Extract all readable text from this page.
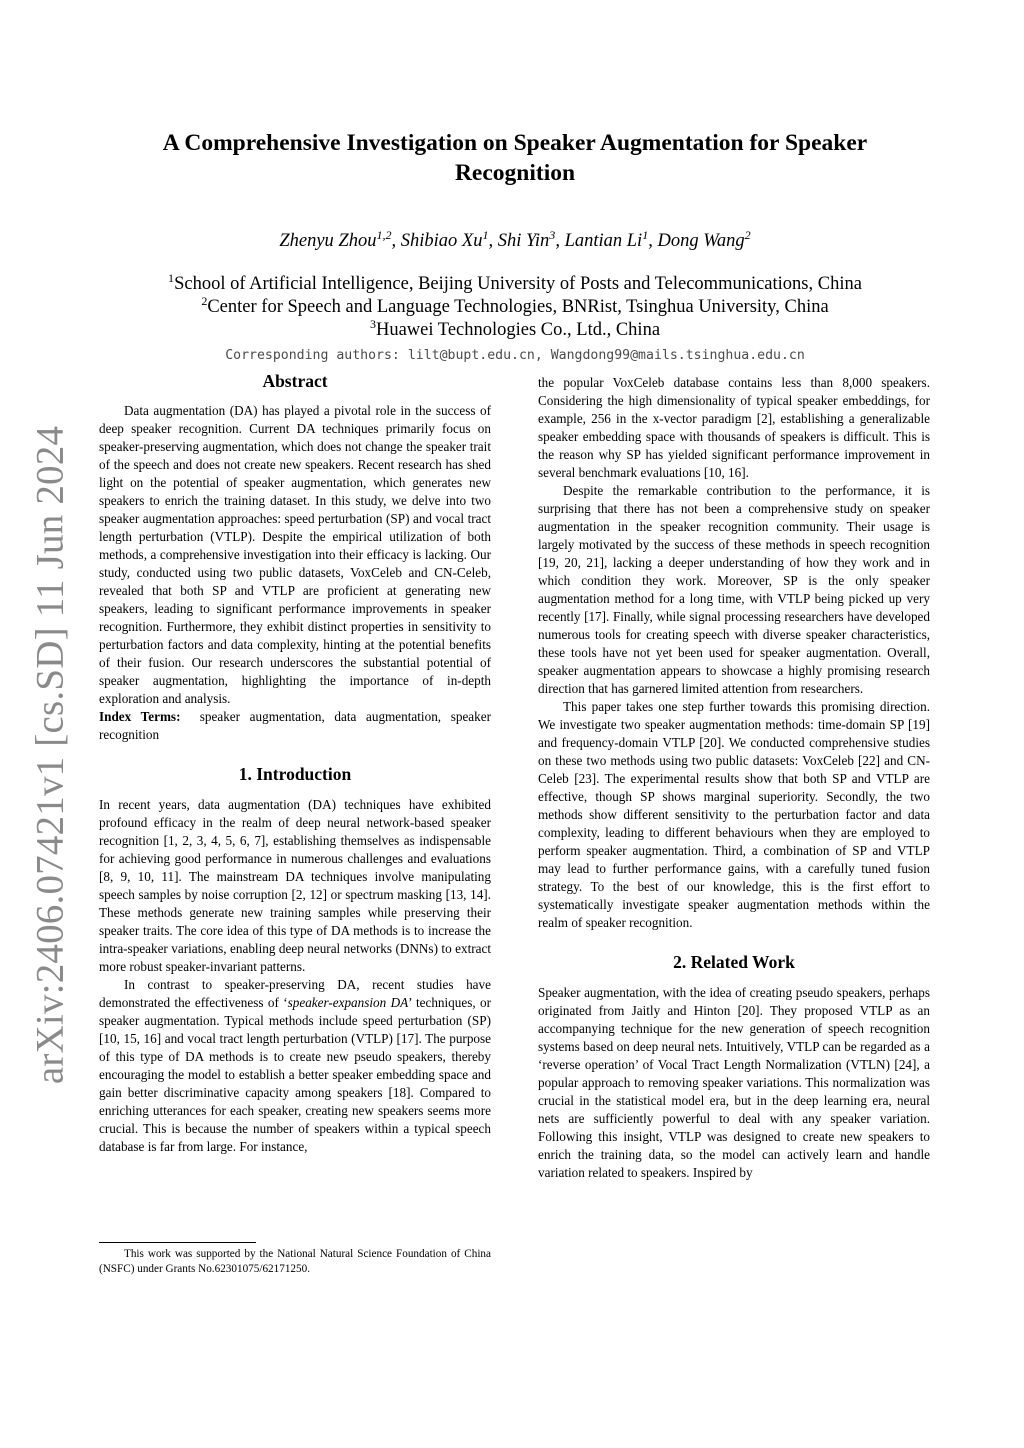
arXiv:2406.07421v1 [cs.SD] 11 Jun 2024
A Comprehensive Investigation on Speaker Augmentation for Speaker Recognition
Zhenyu Zhou$^{1,2}$, Shibiao Xu$^1$, Shi Yin$^3$, Lantian Li$^1$, Dong Wang$^2$
$^1$School of Artificial Intelligence, Beijing University of Posts and Telecommunications, China
$^2$Center for Speech and Language Technologies, BNRist, Tsinghua University, China
$^3$Huawei Technologies Co., Ltd., China
Corresponding authors: lilt@bupt.edu.cn, Wangdong99@mails.tsinghua.edu.cn
Abstract

Data augmentation (DA) has played a pivotal role in the success of deep speaker recognition. Current DA techniques primarily focus on speaker-preserving augmentation, which does not change the speaker trait of the speech and does not create new speakers. Recent research has shed light on the potential of speaker augmentation, which generates new speakers to enrich the training dataset. In this study, we delve into two speaker augmentation approaches: speed perturbation (SP) and vocal tract length perturbation (VTLP). Despite the empirical utilization of both methods, a comprehensive investigation into their efficacy is lacking. Our study, conducted using two public datasets, VoxCeleb and CN-Celeb, revealed that both SP and VTLP are proficient at generating new speakers, leading to significant performance improvements in speaker recognition. Furthermore, they exhibit distinct properties in sensitivity to perturbation factors and data complexity, hinting at the potential benefits of their fusion. Our research underscores the substantial potential of speaker augmentation, highlighting the importance of in-depth exploration and analysis.

Index Terms: speaker augmentation, data augmentation, speaker recognition

1. Introduction

In recent years, data augmentation (DA) techniques have exhibited profound efficacy in the realm of deep neural network-based speaker recognition [1, 2, 3, 4, 5, 6, 7], establishing themselves as indispensable for achieving good performance in numerous challenges and evaluations [8, 9, 10, 11]. The mainstream DA techniques involve manipulating speech samples by noise corruption [2, 12] or spectrum masking [13, 14]. These methods generate new training samples while preserving their speaker traits. The core idea of this type of DA methods is to increase the intra-speaker variations, enabling deep neural networks (DNNs) to extract more robust speaker-invariant patterns.

In contrast to speaker-preserving DA, recent studies have demonstrated the effectiveness of ‘speaker-expansion DA’ techniques, or speaker augmentation. Typical methods include speed perturbation (SP) [10, 15, 16] and vocal tract length perturbation (VTLP) [17]. The purpose of this type of DA methods is to create new pseudo speakers, thereby encouraging the model to establish a better speaker embedding space and gain better discriminative capacity among speakers [18]. Compared to enriching utterances for each speaker, creating new speakers seems more crucial. This is because the number of speakers within a typical speech database is far from large. For instance,

the popular VoxCeleb database contains less than 8,000 speakers. Considering the high dimensionality of typical speaker embeddings, for example, 256 in the x-vector paradigm [2], establishing a generalizable speaker embedding space with thousands of speakers is difficult. This is the reason why SP has yielded significant performance improvement in several benchmark evaluations [10, 16].

Despite the remarkable contribution to the performance, it is surprising that there has not been a comprehensive study on speaker augmentation in the speaker recognition community. Their usage is largely motivated by the success of these methods in speech recognition [19, 20, 21], lacking a deeper understanding of how they work and in which condition they work. Moreover, SP is the only speaker augmentation method for a long time, with VTLP being picked up very recently [17]. Finally, while signal processing researchers have developed numerous tools for creating speech with diverse speaker characteristics, these tools have not yet been used for speaker augmentation. Overall, speaker augmentation appears to showcase a highly promising research direction that has garnered limited attention from researchers.

This paper takes one step further towards this promising direction. We investigate two speaker augmentation methods: time-domain SP [19] and frequency-domain VTLP [20]. We conducted comprehensive studies on these two methods using two public datasets: VoxCeleb [22] and CN-Celeb [23]. The experimental results show that both SP and VTLP are effective, though SP shows marginal superiority. Secondly, the two methods show different sensitivity to the perturbation factor and data complexity, leading to different behaviours when they are employed to perform speaker augmentation. Third, a combination of SP and VTLP may lead to further performance gains, with a carefully tuned fusion strategy. To the best of our knowledge, this is the first effort to systematically investigate speaker augmentation methods within the realm of speaker recognition.

2. Related Work

Speaker augmentation, with the idea of creating pseudo speakers, perhaps originated from Jaitly and Hinton [20]. They proposed VTLP as an accompanying technique for the new generation of speech recognition systems based on deep neural nets. Intuitively, VTLP can be regarded as a ‘reverse operation’ of Vocal Tract Length Normalization (VTLN) [24], a popular approach to removing speaker variations. This normalization was crucial in the statistical model era, but in the deep learning era, neural nets are sufficiently powerful to deal with any speaker variation. Following this insight, VTLP was designed to create new speakers to enrich the training data, so the model can actively learn and handle variation related to speakers. Inspired by

This work was supported by the National Natural Science Foundation of China (NSFC) under Grants No.62301075/62171250.
